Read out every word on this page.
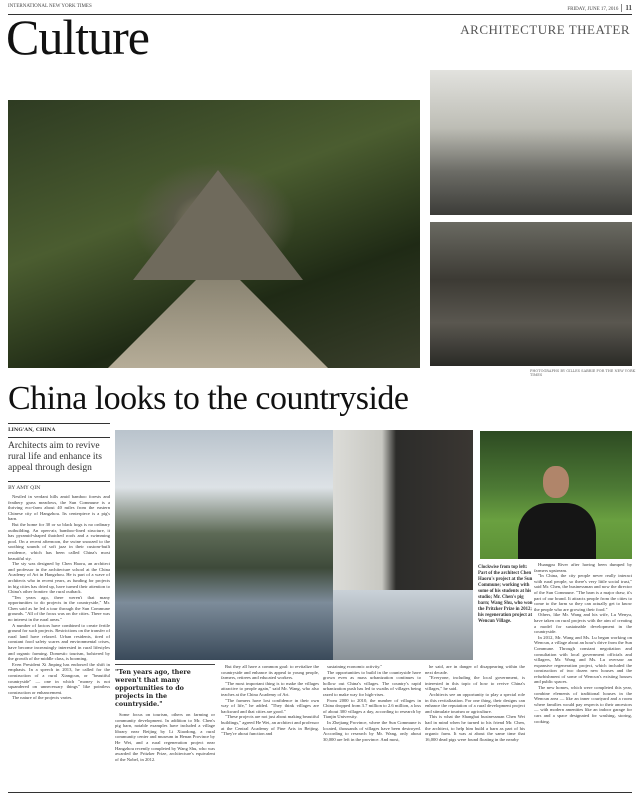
INTERNATIONAL NEW YORK TIMES
FRIDAY, JUNE 17, 2016 11
Culture	ARCHITECTURE THEATER
PHOTOGRAPHS BY GILLES SABRIE FOR THE NEW YORK TIMES
China looks to the countryside
LING'AN, CHINA
Architects aim to revive rural life and enhance its appeal through design
BY AMY QIN

Nestled in verdant hills amid bamboo forests and feathery grass meadows, the Sun Commune is a thriving eco-farm about 40 miles from the eastern Chinese city of Hangzhou. Its centerpiece is a pig's barn.

But the home for 30 or so black hogs is no ordinary outbuilding. An open-air, bamboo-lined structure, it has pyramid-shaped thatched roofs and a swimming pool. On a recent afternoon, the swine snoozed to the soothing sounds of soft jazz in their custom-built residence, which has been called China's most beautiful sty.

The sty was designed by Chen Haoru, an architect and professor in the architecture school at the China Academy of Art in Hangzhou. He is part of a wave of architects who in recent years, as funding for projects in big cities has dried up, have turned their attention to China's other frontier: the rural outback.

"Ten years ago, there weren't that many opportunities to do projects in the countryside," Mr. Chen said as he led a tour through the Sun Commune grounds. "All of the focus was on the cities. There was no interest in the rural areas."

A number of factors have combined to create fertile ground for such projects. Restrictions on the transfer of rural land have relaxed. Urban residents, tired of constant food safety scares and environmental crises, have become increasingly interested in rural lifestyles and organic farming. Domestic tourism, bolstered by the growth of the middle class, is booming.

Even President Xi Jinping has endorsed the shift in emphasis. In a speech in 2013, he called for the construction of a rural Xiangcun, or "beautiful countryside" — one in which "money is not squandered on unnecessary things" like pointless construction or enhancement.

The nature of the projects varies.

Clockwise from top left: Part of the architect Chen Haoru's project at the Sun Commune; working with some of his students at his studio; Mr. Chen's pig barn; Wang Shu, who won the Pritzker Prize in 2012; his regeneration project at Wencun Village.
"Ten years ago, there weren't that many opportunities to do projects in the countryside."

Some focus on tourism, others on farming or community development. In addition to Mr. Chen's pig barn, notable examples have included a village library near Beijing by Li Xiaodong, a rural community center and museum in Henan Province by He Wei, and a rural regeneration project near Hangzhou recently completed by Wang Shu, who was awarded the Pritzker Prize, architecture's equivalent of the Nobel, in 2012.

But they all have a common goal: to revitalize the countryside and enhance its appeal to young people, farmers, retirees and educated workers.

"The most important thing is to make the villages attractive to people again," said Mr. Wang, who also teaches at the China Academy of Art.

"The farmers have lost confidence in their own way of life," he added. "They think villages are backward and that cities are good."

"These projects are not just about making beautiful buildings," agreed He Wei, an architect and professor at the Central Academy of Fine Arts in Beijing. "They're about function and

sustaining economic activity."

The opportunities to build in the countryside have grown even as mass urbanization continues to hollow out China's villages. The country's rapid urbanization push has led to swaths of villages being razed to make way for high-rises.

From 2000 to 2010, the number of villages in China dropped from 3.7 million to 2.6 million, a loss of about 300 villages a day, according to research by Tianjin University.

In Zhejiang Province, where the Sun Commune is located, thousands of villages have been destroyed. According to research by Mr. Wang, only about 30,000 are left in the province. And most,

he said, are in danger of disappearing within the next decade.

"Everyone, including the local government, is interested in this topic of how to revive China's villages," he said.

Architects see an opportunity to play a special role in this revitalization. For one thing, their designs can enhance the reputation of a rural development project and stimulate tourism or agriculture.

This is what the Shanghai businessman Chen Wei had in mind when he turned to his friend Mr. Chen, the architect, to help him build a barn as part of his organic farm. It was at about the same time that 16,000 dead pigs were found floating in the nearby

Huangpu River after having been dumped by farmers upstream.

"In China, the city people never really interact with rural people, so there's very little social trust," said Mr. Chen, the businessman and now the director of the Sun Commune. "The barn is a major draw, it's part of our brand. It attracts people from the cities to come to the farm so they can actually get to know the people who are growing their food."

Others, like Mr. Wang and his wife, Lu Wenyu, have taken on rural projects with the aim of creating a model for sustainable development in the countryside.

In 2012, Mr. Wang and Ms. Lu began working on Wencun, a village about an hour's drive from the Sun Commune. Through constant negotiation and consultation with local government officials and villagers, Mr. Wang and Ms. Lu oversaw an expansive regeneration project, which included the construction of two dozen new houses and the refurbishment of some of Wencun's existing houses and public spaces.

The new homes, which were completed this year, combine elements of traditional houses in the Wencun area — like an inner courtyard and a room where families would pay respects to their ancestors — with modern amenities like an indoor garage for cars and a space designated for washing, storing, cooking.
